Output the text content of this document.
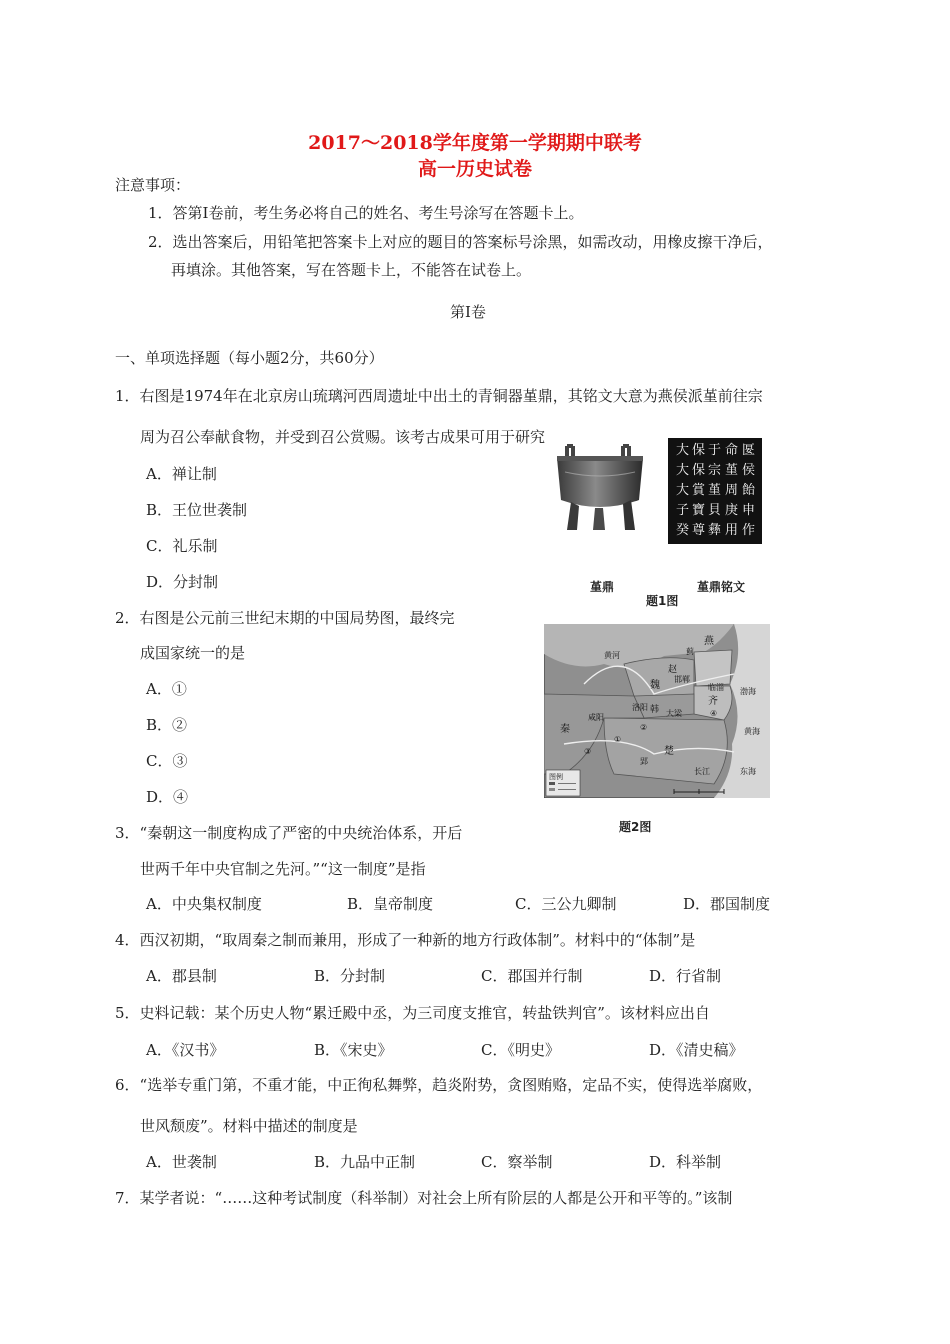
2017～2018学年度第一学期期中联考
高一历史试卷
注意事项：
1．答第Ⅰ卷前，考生务必将自己的姓名、考生号涂写在答题卡上。
2．选出答案后，用铅笔把答案卡上对应的题目的答案标号涂黑，如需改动，用橡皮擦干净后，
再填涂。其他答案，写在答题卡上，不能答在试卷上。
第Ⅰ卷
一、单项选择题（每小题2分，共60分）
1．右图是1974年在北京房山琉璃河西周遗址中出土的青铜器堇鼎，其铭文大意为燕侯派堇前往宗
周为召公奉献食物，并受到召公赏赐。该考古成果可用于研究
A．禅让制
B．王位世袭制
C．礼乐制
D．分封制
大
大
大
子
癸
保
保
賞
寶
尊
于
宗
堇
貝
彝
命
堇
周
庚
用
匽
侯
飴
申
作
堇鼎	堇鼎铭文
题1图
2．右图是公元前三世纪末期的中国局势图，最终完
成国家统一的是
A．①
B．②
C．③
D．④
燕
魏
韩
赵
楚
秦
齐
黄河
长江
渤海
黄海
东海
邯郸
大梁
洛阳
咸阳
郢
临淄
蓟
①
②
③
④
图例
题2图
3．“秦朝这一制度构成了严密的中央统治体系，开后
世两千年中央官制之先河。”“这一制度”是指
A．中央集权制度	B．皇帝制度	C．三公九卿制	D．郡国制度
4．西汉初期，“取周秦之制而兼用，形成了一种新的地方行政体制”。材料中的“体制”是
A．郡县制	B．分封制	C．郡国并行制	D．行省制
5．史料记载：某个历史人物“累迁殿中丞，为三司度支推官，转盐铁判官”。该材料应出自
A．《汉书》	B．《宋史》	C．《明史》	D．《清史稿》
6．“选举专重门第，不重才能，中正徇私舞弊，趋炎附势，贪图贿赂，定品不实，使得选举腐败，
世风颓废”。材料中描述的制度是
A．世袭制	B．九品中正制	C．察举制	D．科举制
7．某学者说：“……这种考试制度（科举制）对社会上所有阶层的人都是公开和平等的。”该制
